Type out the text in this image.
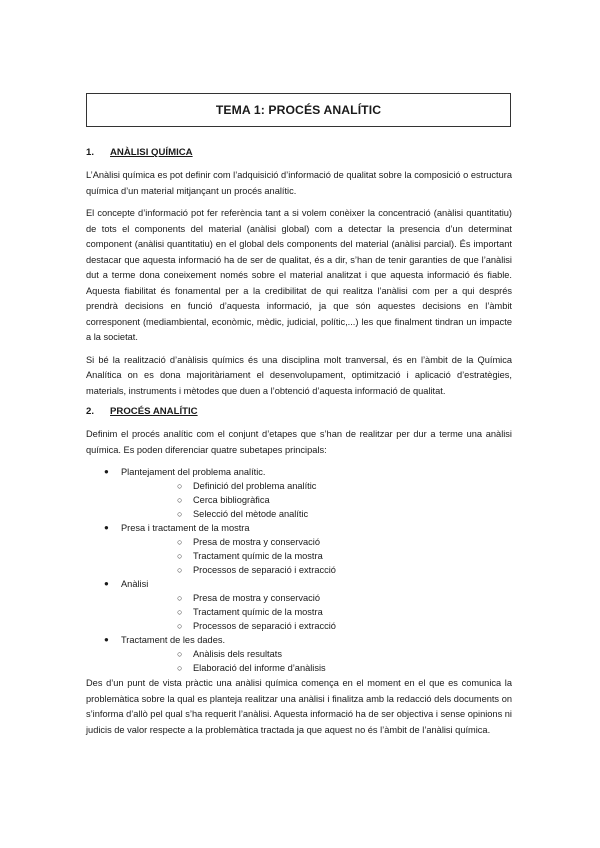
TEMA 1: PROCÉS ANALÍTIC
1. ANÀLISI QUÍMICA

L’Anàlisi química es pot definir com l’adquisició d’informació de qualitat sobre la composició o estructura química d’un material mitjançant un procés analític.

El concepte d’informació pot fer referència tant a si volem conèixer la concentració (anàlisi quantitatiu) de tots el components del material (anàlisi global) com a detectar la presencia d’un determinat component (anàlisi quantitatiu) en el global dels components del material (anàlisi parcial). És important destacar que aquesta informació ha de ser de qualitat, és a dir, s’han de tenir garanties de que l’anàlisi dut a terme dona coneixement només sobre el material analitzat i que aquesta informació és fiable. Aquesta fiabilitat és fonamental per a la credibilitat de qui realitza l’anàlisi com per a qui després prendrà decisions en funció d’aquesta informació, ja que són aquestes decisions en l’àmbit corresponent (mediambiental, econòmic, mèdic, judicial, polític,...) les que finalment tindran un impacte a la societat.

Si bé la realització d’anàlisis químics és una disciplina molt tranversal, és en l’àmbit de la Química Analítica on es dona majoritàriament el desenvolupament, optimització i aplicació d’estratègies, materials, instruments i mètodes que duen a l’obtenció d’aquesta informació de qualitat.

2. PROCÉS ANALÍTIC

Definim el procés analític com el conjunt d’etapes que s’han de realitzar per dur a terme una anàlisi química. Es poden diferenciar quatre subetapes principals:

● Plantejament del problema analític.
○ Definició del problema analític
○ Cerca bibliogràfica
○ Selecció del mètode analític
● Presa i tractament de la mostra
○ Presa de mostra y conservació
○ Tractament químic de la mostra
○ Processos de separació i extracció
● Anàlisi
○ Presa de mostra y conservació
○ Tractament químic de la mostra
○ Processos de separació i extracció
● Tractament de les dades.
○ Anàlisis dels resultats
○ Elaboració del informe d’anàlisis

Des d’un punt de vista pràctic una anàlisi química comença en el moment en el que es comunica la problemàtica sobre la qual es planteja realitzar una anàlisi i finalitza amb la redacció dels documents on s’informa d’allò pel qual s’ha requerit l’anàlisi. Aquesta informació ha de ser objectiva i sense opinions ni judicis de valor respecte a la problemàtica tractada ja que aquest no és l’àmbit de l’anàlisi química.
